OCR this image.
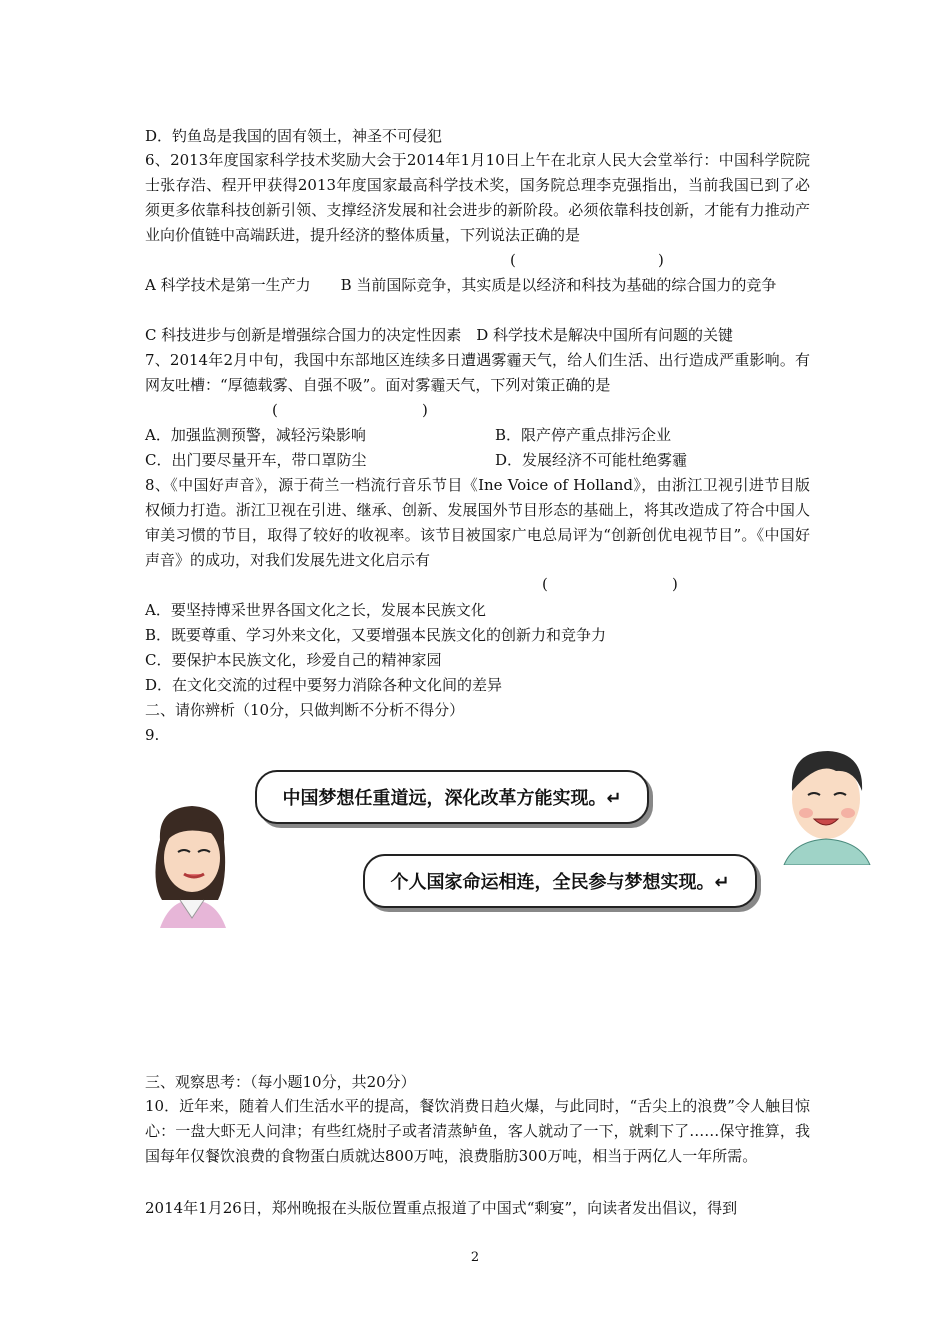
D．钓鱼岛是我国的固有领土，神圣不可侵犯
6、2013年度国家科学技术奖励大会于2014年1月10日上午在北京人民大会堂举行：中国科学院院士张存浩、程开甲获得2013年度国家最高科学技术奖，国务院总理李克强指出，当前我国已到了必须更多依靠科技创新引领、支撑经济发展和社会进步的新阶段。必须依靠科技创新，才能有力推动产业向价值链中高端跃进，提升经济的整体质量，下列说法正确的是
(	)
A 科学技术是第一生产力　　B 当前国际竞争，其实质是以经济和科技为基础的综合国力的竞争
C 科技进步与创新是增强综合国力的决定性因素　D 科学技术是解决中国所有问题的关键
7、2014年2月中旬，我国中东部地区连续多日遭遇雾霾天气，给人们生活、出行造成严重影响。有网友吐槽：“厚德载雾、自强不吸”。面对雾霾天气，下列对策正确的是
(	)
A．加强监测预警，减轻污染影响	B．限产停产重点排污企业
C．出门要尽量开车，带口罩防尘	D．发展经济不可能杜绝雾霾
8、《中国好声音》，源于荷兰一档流行音乐节目《Ine Voice of Holland》，由浙江卫视引进节目版权倾力打造。浙江卫视在引进、继承、创新、发展国外节目形态的基础上，将其改造成了符合中国人审美习惯的节目，取得了较好的收视率。该节目被国家广电总局评为“创新创优电视节目”。《中国好声音》的成功，对我们发展先进文化启示有
(	)
A．要坚持博采世界各国文化之长，发展本民族文化
B．既要尊重、学习外来文化，又要增强本民族文化的创新力和竞争力
C．要保护本民族文化，珍爱自己的精神家园
D．在文化交流的过程中要努力消除各种文化间的差异
二、请你辨析（10分，只做判断不分析不得分）
9.
中国梦想任重道远，深化改革方能实现。↵
个人国家命运相连，全民参与梦想实现。↵
三、观察思考：（每小题10分，共20分）
10．近年来，随着人们生活水平的提高，餐饮消费日趋火爆，与此同时，“舌尖上的浪费”令人触目惊心：一盘大虾无人问津；有些红烧肘子或者清蒸鲈鱼，客人就动了一下，就剩下了……保守推算，我国每年仅餐饮浪费的食物蛋白质就达800万吨，浪费脂肪300万吨，相当于两亿人一年所需。
2014年1月26日，郑州晚报在头版位置重点报道了中国式“剩宴”，向读者发出倡议，得到
2
